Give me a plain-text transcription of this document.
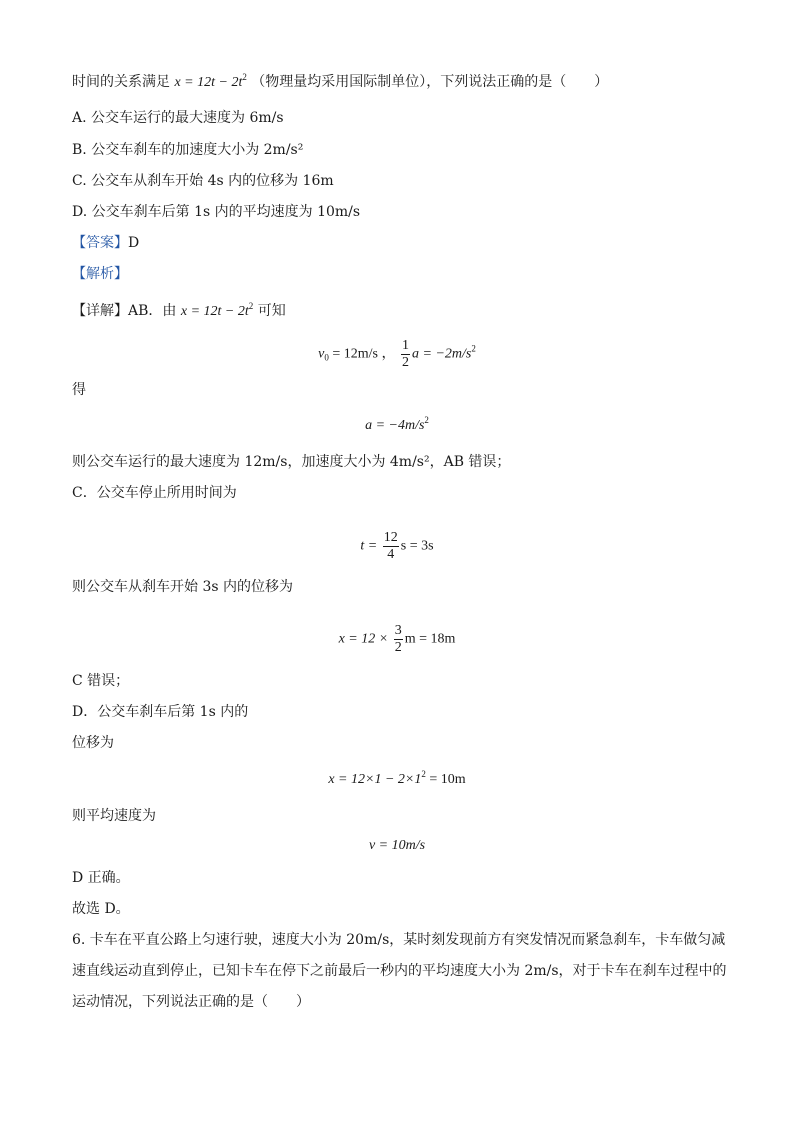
时间的关系满足 $x = 12t - 2t^2$ （物理量均采用国际制单位），下列说法正确的是（　　）
A. 公交车运行的最大速度为 6m/s
B. 公交车刹车的加速度大小为 2m/s²
C. 公交车从刹车开始 4s 内的位移为 16m
D. 公交车刹车后第 1s 内的平均速度为 10m/s
【答案】D
【解析】
【详解】AB．由 $x = 12t - 2t^2$ 可知
$v_0 = 12m/s$ ， $\frac{1}{2}$ $a = -2m/s^2$
得
$a = -4m/s^2$
则公交车运行的最大速度为 12m/s，加速度大小为 4m/s²，AB 错误；
C．公交车停止所用时间为
$t = \frac{12}{4}$ s = 3s
则公交车从刹车开始 3s 内的位移为
$x = 12 \times \frac{3}{2}$ m = 18m
C 错误；
D．公交车刹车后第 1s 内的
位移为
$x = 12\times 1 - 2\times 1^2 = 10m$
则平均速度为
v = 10m/s
D 正确。
故选 D。
6. 卡车在平直公路上匀速行驶，速度大小为 20m/s，某时刻发现前方有突发情况而紧急刹车，卡车做匀减
速直线运动直到停止，已知卡车在停下之前最后一秒内的平均速度大小为 2m/s，对于卡车在刹车过程中的
运动情况，下列说法正确的是（　　）
